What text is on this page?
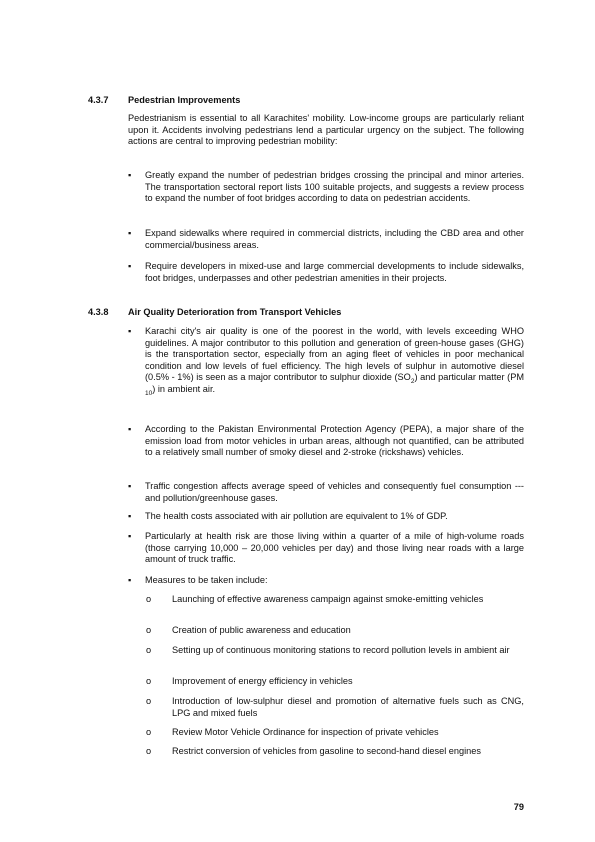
4.3.7 Pedestrian Improvements

Pedestrianism is essential to all Karachites' mobility. Low-income groups are particularly reliant upon it. Accidents involving pedestrians lend a particular urgency on the subject. The following actions are central to improving pedestrian mobility:

▪	Greatly expand the number of pedestrian bridges crossing the principal and minor arteries. The transportation sectoral report lists 100 suitable projects, and suggests a review process to expand the number of foot bridges according to data on pedestrian accidents.
▪	Expand sidewalks where required in commercial districts, including the CBD area and other commercial/business areas.
▪	Require developers in mixed-use and large commercial developments to include sidewalks, foot bridges, underpasses and other pedestrian amenities in their projects.
4.3.8 Air Quality Deterioration from Transport Vehicles
▪	Karachi city's air quality is one of the poorest in the world, with levels exceeding WHO guidelines. A major contributor to this pollution and generation of green-house gases (GHG) is the transportation sector, especially from an aging fleet of vehicles in poor mechanical condition and low levels of fuel efficiency. The high levels of sulphur in automotive diesel (0.5% - 1%) is seen as a major contributor to sulphur dioxide $(SO_2)$ and particular matter (PM $_{10}$) in ambient air.
▪	According to the Pakistan Environmental Protection Agency (PEPA), a major share of the emission load from motor vehicles in urban areas, although not quantified, can be attributed to a relatively small number of smoky diesel and 2-stroke (rickshaws) vehicles.
▪	Traffic congestion affects average speed of vehicles and consequently fuel consumption --- and pollution/greenhouse gases.
▪	The health costs associated with air pollution are equivalent to 1% of GDP.
▪	Particularly at health risk are those living within a quarter of a mile of high-volume roads (those carrying 10,000 – 20,000 vehicles per day) and those living near roads with a large amount of truck traffic.
▪	Measures to be taken include:
o Launching of effective awareness campaign against smoke-emitting vehicles
o Creation of public awareness and education
o Setting up of continuous monitoring stations to record pollution levels in ambient air
o Improvement of energy efficiency in vehicles
o Introduction of low-sulphur diesel and promotion of alternative fuels such as CNG, LPG and mixed fuels
o Review Motor Vehicle Ordinance for inspection of private vehicles
o Restrict conversion of vehicles from gasoline to second-hand diesel engines
79
